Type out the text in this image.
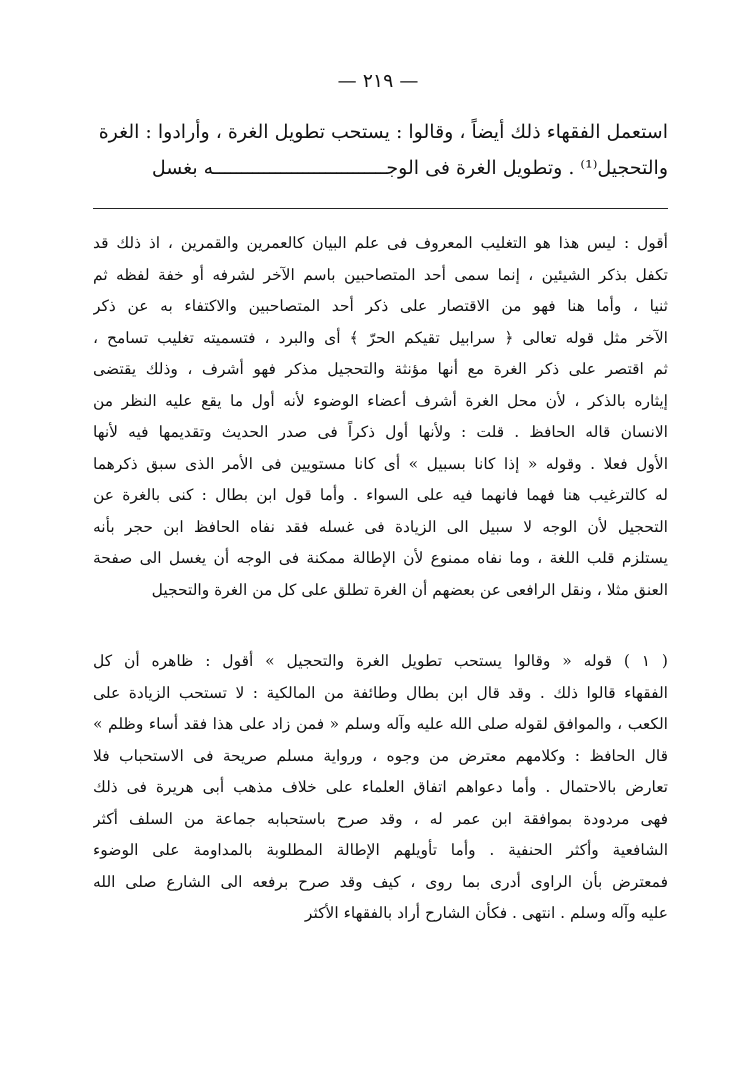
— ٢١٩ —
استعمل الفقهاء ذلك أيضاً ، وقالوا : يستحب تطويل الغرة ، وأرادوا : الغرة
والتحجيل⁽¹⁾ . وتطويل الغرة فى الوجـــــــــــــــــــــــــــــــه بغسل
أقول : ليس هذا هو التغليب المعروف فى علم البيان كالعمرين والقمرين ، اذ ذلك قد
تكفل بذكر الشيئين ، إنما سمى أحد المتصاحبين باسم الآخر لشرفه أو خفة لفظه ثم
ثنيا ، وأما هنا فهو من الاقتصار على ذكر أحد المتصاحبين والاكتفاء به عن ذكر
الآخر مثل قوله تعالى ﴿ سرابيل تقيكم الحرّ ﴾ أى والبرد ، فتسميته تغليب تسامح ،
ثم اقتصر على ذكر الغرة مع أنها مؤنثة والتحجيل مذكر فهو أشرف ، وذلك يقتضى
إيثاره بالذكر ، لأن محل الغرة أشرف أعضاء الوضوء لأنه أول ما يقع عليه النظر من
الانسان قاله الحافظ . قلت : ولأنها أول ذكراً فى صدر الحديث وتقديمها فيه لأنها
الأول فعلا . وقوله « إذا كانا بسبيل » أى كانا مستويين فى الأمر الذى سبق ذكرهما
له كالترغيب هنا فهما فانهما فيه على السواء . وأما قول ابن بطال : كنى بالغرة عن
التحجيل لأن الوجه لا سبيل الى الزيادة فى غسله فقد نفاه الحافظ ابن حجر بأنه
يستلزم قلب اللغة ، وما نفاه ممنوع لأن الإطالة ممكنة فى الوجه أن يغسل الى صفحة
العنق مثلا ، ونقل الرافعى عن بعضهم أن الغرة تطلق على كل من الغرة والتحجيل
( ١ ) قوله « وقالوا يستحب تطويل الغرة والتحجيل » أقول : ظاهره أن كل
الفقهاء قالوا ذلك . وقد قال ابن بطال وطائفة من المالكية : لا تستحب الزيادة على
الكعب ، والموافق لقوله صلى الله عليه وآله وسلم « فمن زاد على هذا فقد أساء وظلم »
قال الحافظ : وكلامهم معترض من وجوه ، ورواية مسلم صريحة فى الاستحباب فلا
تعارض بالاحتمال . وأما دعواهم اتفاق العلماء على خلاف مذهب أبى هريرة فى ذلك
فهى مردودة بموافقة ابن عمر له ، وقد صرح باستحبابه جماعة من السلف أكثر
الشافعية وأكثر الحنفية . وأما تأويلهم الإطالة المطلوبة بالمداومة على الوضوء
فمعترض بأن الراوى أدرى بما روى ، كيف وقد صرح برفعه الى الشارع صلى الله
عليه وآله وسلم . انتهى . فكأن الشارح أراد بالفقهاء الأكثر
